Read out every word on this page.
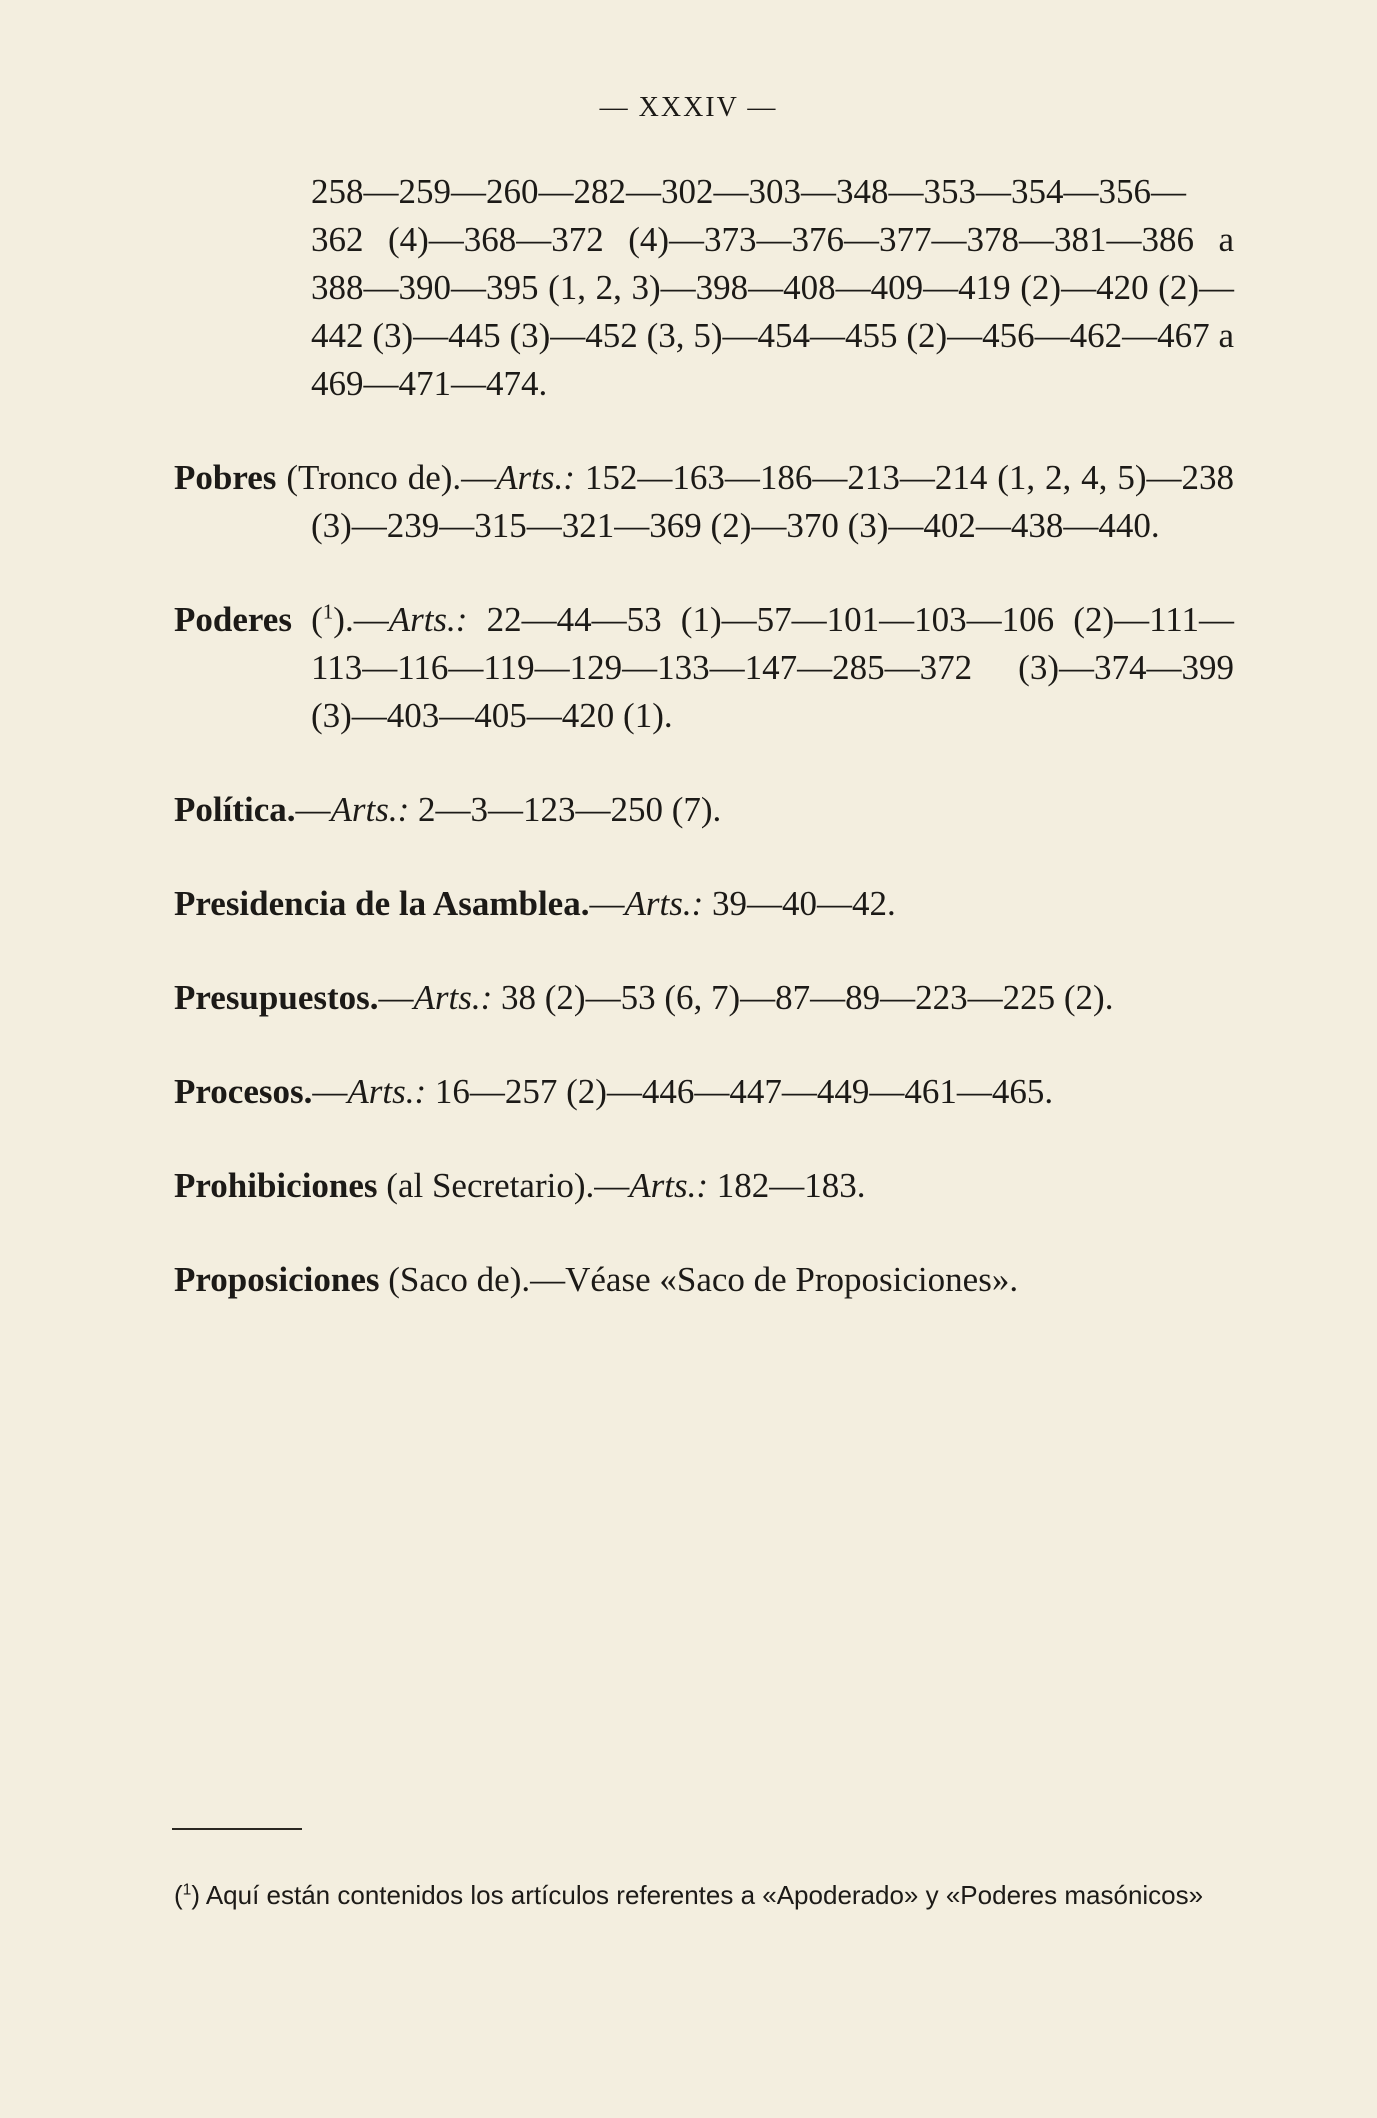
— XXXIV —

258—259—260—282—302—303—348—353—354—356—362 (4)—368—372 (4)—373—376—377—378—381—386 a 388—390—395 (1, 2, 3)—398—408—409—419 (2)—420 (2)—442 (3)—445 (3)—452 (3, 5)—454—455 (2)—456—462—467 a 469—471—474.

Pobres (Tronco de).—Arts.: 152—163—186—213—214 (1, 2, 4, 5)—238 (3)—239—315—321—369 (2)—370 (3)—402—438—440.

Poderes ($^1$).—Arts.: 22—44—53 (1)—57—101—103—106 (2)—111—113—116—119—129—133—147—285—372 (3)—374—399 (3)—403—405—420 (1).

Política.—Arts.: 2—3—123—250 (7).

Presidencia de la Asamblea.—Arts.: 39—40—42.

Presupuestos.—Arts.: 38 (2)—53 (6, 7)—87—89—223—225 (2).

Procesos.—Arts.: 16—257 (2)—446—447—449—461—465.

Prohibiciones (al Secretario).—Arts.: 182—183.

Proposiciones (Saco de).—Véase «Saco de Proposiciones».

($^1$) Aquí están contenidos los artículos referentes a «Apoderado» y «Poderes masónicos»
